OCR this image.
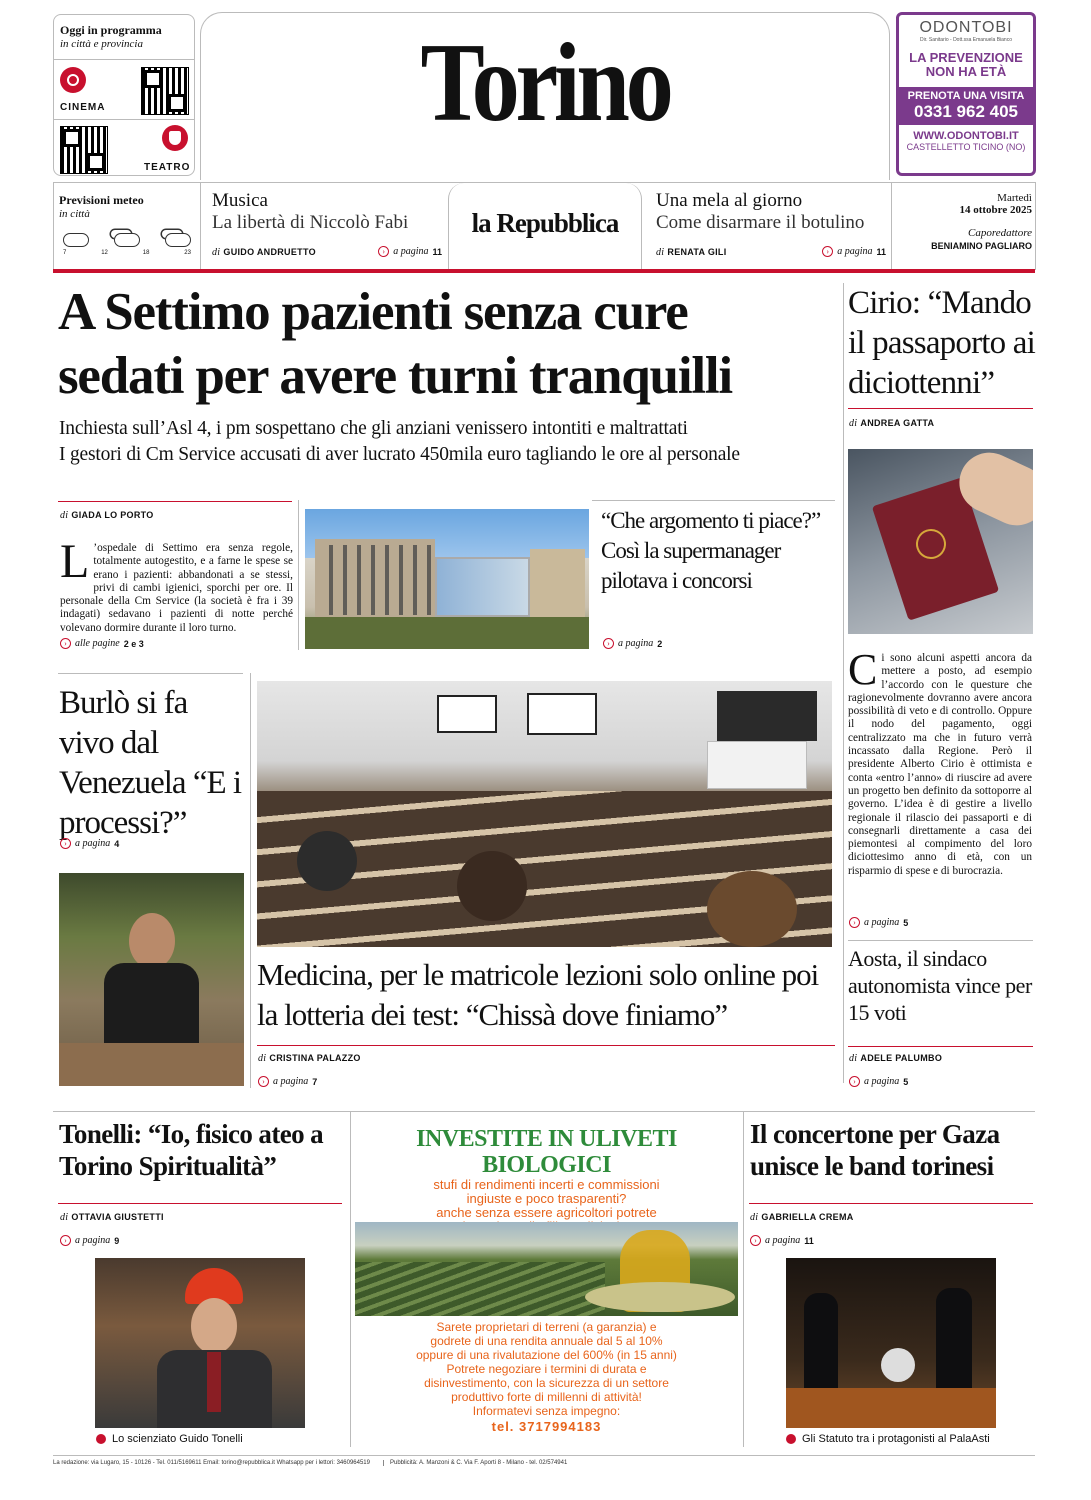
Oggi in programma
in città e provincia
CINEMA
TEATRO
Torino	ODONTOBI
Dir. Sanitario - Dott.ssa Emanuela Bianco
LA PREVENZIONE
NON HA ETÀ
PRENOTA UNA VISITA
0331 962 405
WWW.ODONTOBI.IT
CASTELLETTO TICINO (NO)
Previsioni meteo
in città
7	12	18	23
Musica
La libertà di Niccolò Fabi
di GUIDO ANDRUETTO	› a pagina 11
la Repubblica
Una mela al giorno
Come disarmare il botulino
di RENATA GILI	› a pagina 11
Martedì
14 ottobre 2025
Caporedattore
BENIAMINO PAGLIARO
A Settimo pazienti senza cure
sedati per avere turni tranquilli
Inchiesta sull’Asl 4, i pm sospettano che gli anziani venissero intontiti e maltrattati
I gestori di Cm Service accusati di aver lucrato 450mila euro tagliando le ore al personale
di GIADA LO PORTO
L ’ospedale di Settimo era senza regole, totalmente autogestito, e a farne le spese se erano i pazienti: abbandonati a se stessi, privi di cambi igienici, sporchi per ore. Il personale della Cm Service (la società è fra i 39 indagati) sedavano i pazienti di notte perché volevano dormire durante il loro turno.
› alle pagine 2 e 3
“Che argomento ti piace?” Così la supermanager pilotava i concorsi
› a pagina 2
Cirio: “Mando il passaporto ai diciottenni”
di ANDREA GATTA
Ci sono alcuni aspetti ancora da mettere a posto, ad esempio l’accordo con le questure che ragionevolmente dovranno avere ancora possibilità di veto e di controllo. Oppure il nodo del pagamento, oggi centralizzato ma che in futuro verrà incassato dalla Regione. Però il presidente Alberto Cirio è ottimista e conta «entro l’anno» di riuscire ad avere un progetto ben definito da sottoporre al governo. L’idea è di gestire a livello regionale il rilascio dei passaporti e di consegnarli direttamente a casa dei piemontesi al compimento del loro diciottesimo anno di età, con un risparmio di spese e di burocrazia.
› a pagina 5
Aosta, il sindaco autonomista vince per 15 voti
di ADELE PALUMBO
› a pagina 5
Burlò si fa vivo dal Venezuela “E i processi?”
› a pagina 4
Medicina, per le matricole lezioni solo online poi la lotteria dei test: “Chissà dove finiamo”
di CRISTINA PALAZZO
› a pagina 7
Tonelli: “Io, fisico ateo a Torino Spiritualità”
di OTTAVIA GIUSTETTI
› a pagina 9
Lo scienziato Guido Tonelli
INVESTITE IN ULIVETI BIOLOGICI
stufi di rendimenti incerti e commissioni
ingiuste e poco trasparenti?
anche senza essere agricoltori potrete
Sarete proprietari di terreni (a garanzia) e
godrete di una rendita annuale dal 5 al 10%
oppure di una rivalutazione del 600% (in 15 anni)
Potrete negoziare i termini di durata e
disinvestimento, con la sicurezza di un settore
produttivo forte di millenni di attività!
Informatevi senza impegno:
tel. 3717994183
Il concertone per Gaza unisce le band torinesi
di GABRIELLA CREMA
› a pagina 11
Gli Statuto tra i protagonisti al PalaAsti
La redazione: via Lugaro, 15 - 10126 - Tel. 011/5169611 Email: torino@repubblica.it Whatsapp per i lettori: 3460964519	Pubblicità: A. Manzoni & C. Via F. Aporti 8 - Milano - tel. 02/574941
